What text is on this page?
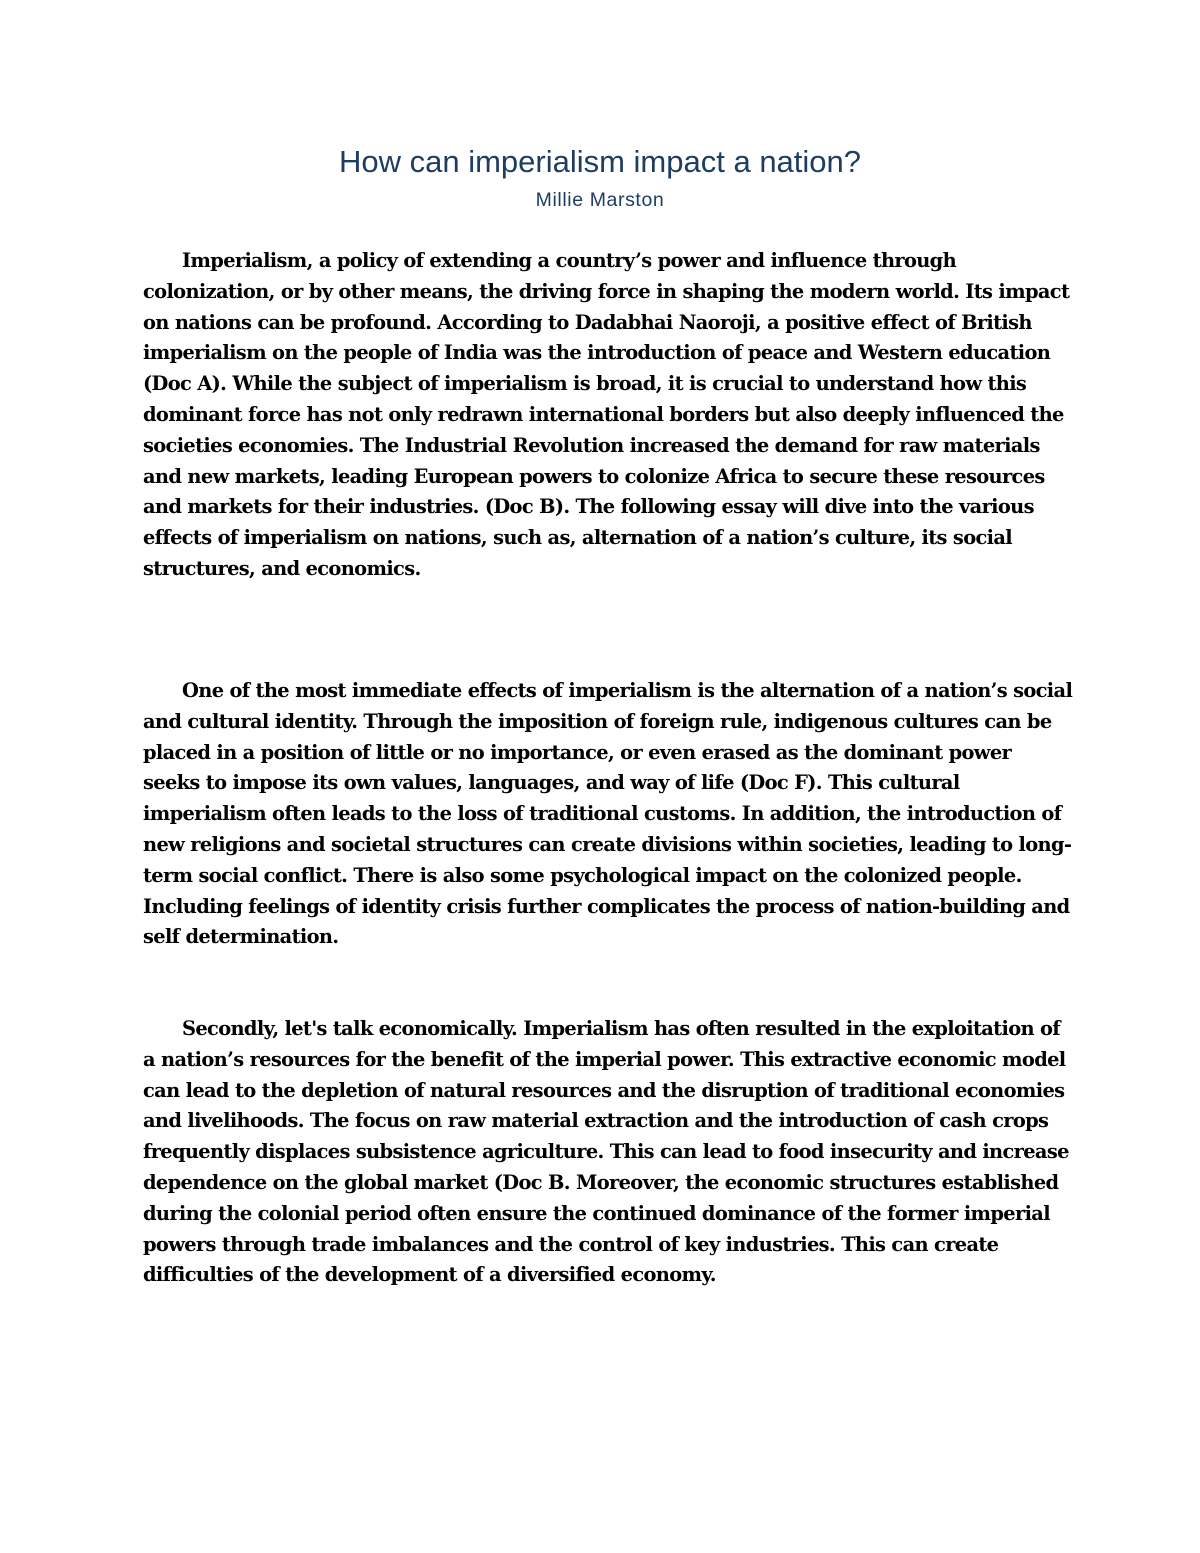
How can imperialism impact a nation?
Millie Marston

Imperialism, a policy of extending a country’s power and influence through colonization, or by other means, the driving force in shaping the modern world. Its impact on nations can be profound. According to Dadabhai Naoroji, a positive effect of British imperialism on the people of India was the introduction of peace and Western education (Doc A). While the subject of imperialism is broad, it is crucial to understand how this dominant force has not only redrawn international borders but also deeply influenced the societies economies. The Industrial Revolution increased the demand for raw materials and new markets, leading European powers to colonize Africa to secure these resources and markets for their industries. (Doc B). The following essay will dive into the various effects of imperialism on nations, such as, alternation of a nation’s culture, its social structures, and economics.

One of the most immediate effects of imperialism is the alternation of a nation’s social and cultural identity. Through the imposition of foreign rule, indigenous cultures can be placed in a position of little or no importance, or even erased as the dominant power seeks to impose its own values, languages, and way of life (Doc F). This cultural imperialism often leads to the loss of traditional customs. In addition, the introduction of new religions and societal structures can create divisions within societies, leading to long-term social conflict. There is also some psychological impact on the colonized people. Including feelings of identity crisis further complicates the process of nation-building and self determination.

Secondly, let's talk economically. Imperialism has often resulted in the exploitation of a nation’s resources for the benefit of the imperial power. This extractive economic model can lead to the depletion of natural resources and the disruption of traditional economies and livelihoods. The focus on raw material extraction and the introduction of cash crops frequently displaces subsistence agriculture. This can lead to food insecurity and increase dependence on the global market (Doc B. Moreover, the economic structures established during the colonial period often ensure the continued dominance of the former imperial powers through trade imbalances and the control of key industries. This can create difficulties of the development of a diversified economy.
